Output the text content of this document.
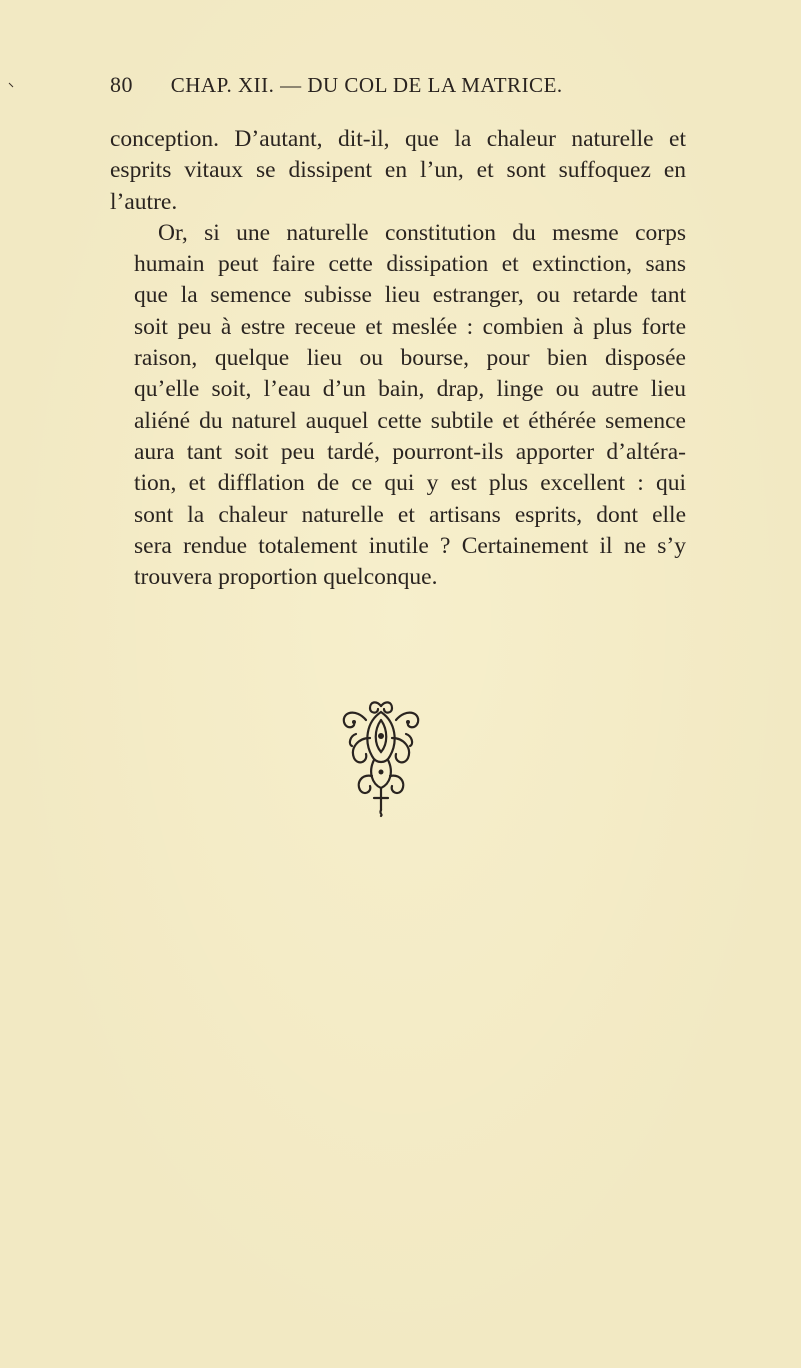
80 CHAP. XII. — DU COL DE LA MATRICE.

conception. D’autant, dit-il, que la chaleur naturelle et
esprits vitaux se dissipent en l’un, et sont suffoquez en
l’autre.

Or, si une naturelle constitution du mesme corps
humain peut faire cette dissipation et extinction, sans
que la semence subisse lieu estranger, ou retarde tant
soit peu à estre receue et meslée : combien à plus forte
raison, quelque lieu ou bourse, pour bien disposée
qu’elle soit, l’eau d’un bain, drap, linge ou autre lieu
aliéné du naturel auquel cette subtile et éthérée semence
aura tant soit peu tardé, pourront-ils apporter d’altéra-
tion, et difflation de ce qui y est plus excellent : qui
sont la chaleur naturelle et artisans esprits, dont elle
sera rendue totalement inutile ? Certainement il ne s’y
trouvera proportion quelconque.
